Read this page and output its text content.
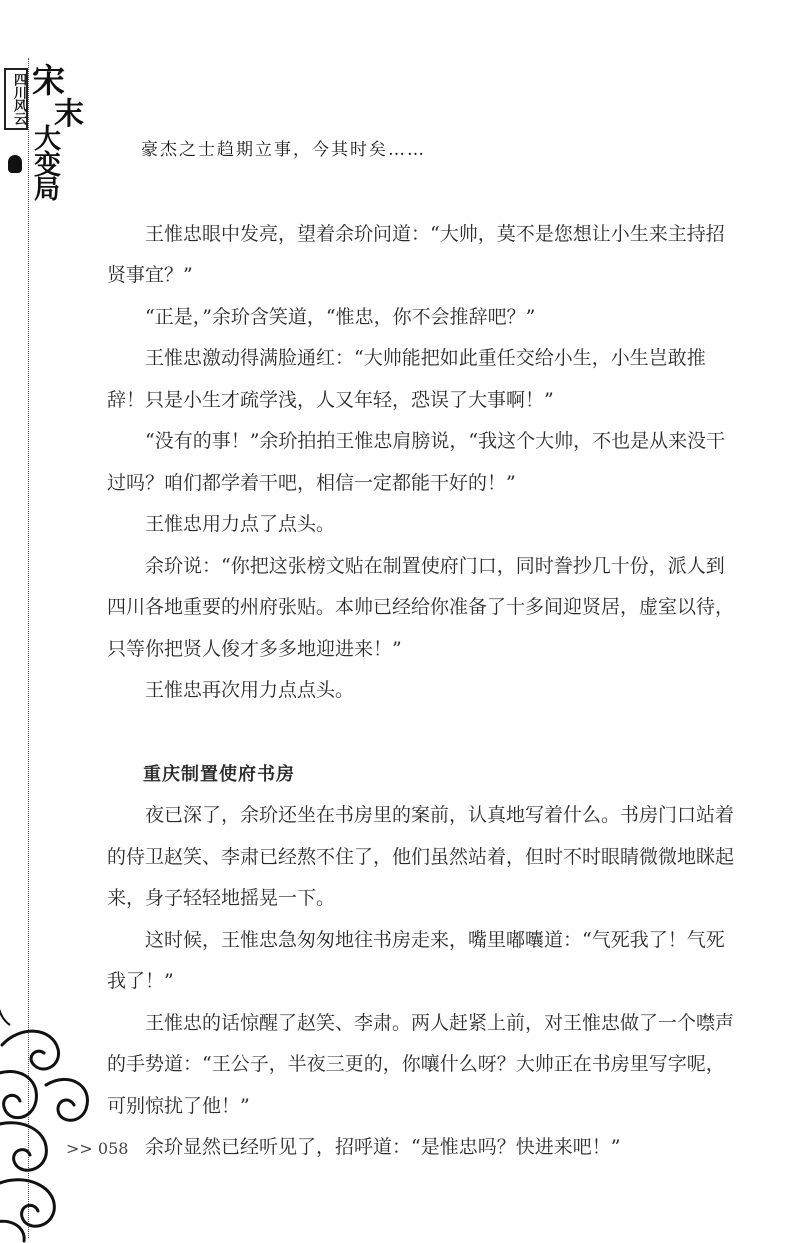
宋
末
大
变
局
四川风云

豪杰之士趋期立事，今其时矣……

王惟忠眼中发亮，望着余玠问道：“大帅，莫不是您想让小生来主持招贤事宜？”

“正是，”余玠含笑道，“惟忠，你不会推辞吧？”

王惟忠激动得满脸通红：“大帅能把如此重任交给小生，小生岂敢推辞！只是小生才疏学浅，人又年轻，恐误了大事啊！”

“没有的事！”余玠拍拍王惟忠肩膀说，“我这个大帅，不也是从来没干过吗？咱们都学着干吧，相信一定都能干好的！”

王惟忠用力点了点头。

余玠说：“你把这张榜文贴在制置使府门口，同时誊抄几十份，派人到四川各地重要的州府张贴。本帅已经给你准备了十多间迎贤居，虚室以待，只等你把贤人俊才多多地迎进来！”

王惟忠再次用力点点头。

重庆制置使府书房

夜已深了，余玠还坐在书房里的案前，认真地写着什么。书房门口站着的侍卫赵笑、李肃已经熬不住了，他们虽然站着，但时不时眼睛微微地眯起来，身子轻轻地摇晃一下。

这时候，王惟忠急匆匆地往书房走来，嘴里嘟囔道：“气死我了！气死我了！”

王惟忠的话惊醒了赵笑、李肃。两人赶紧上前，对王惟忠做了一个噤声的手势道：“王公子，半夜三更的，你嚷什么呀？大帅正在书房里写字呢，可别惊扰了他！”

余玠显然已经听见了，招呼道：“是惟忠吗？快进来吧！”

>> 058
